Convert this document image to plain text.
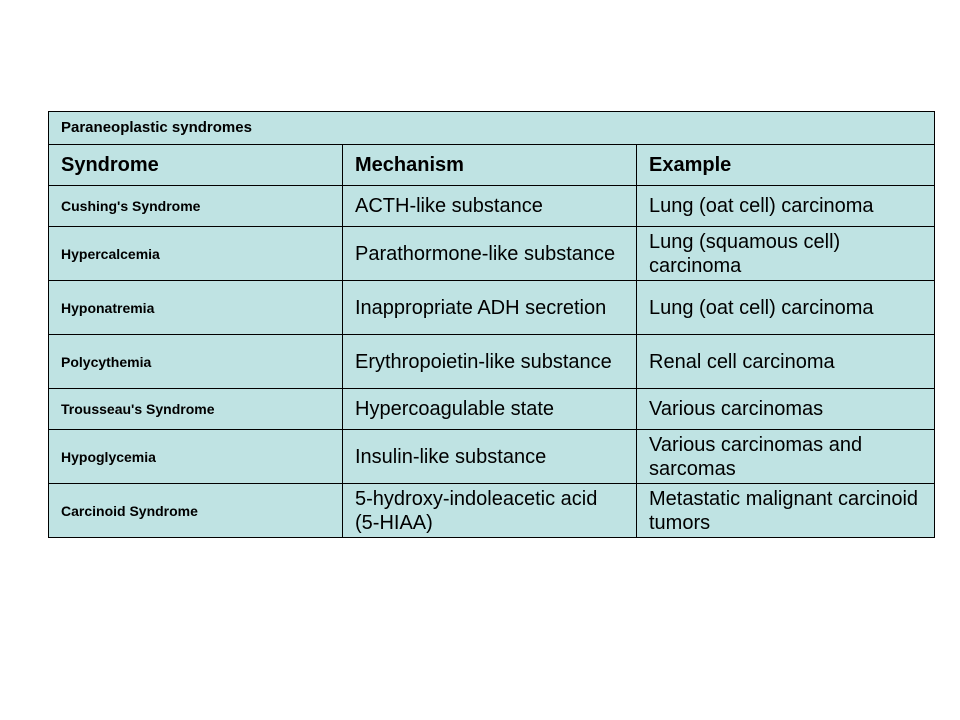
Paraneoplastic syndromes		
Syndrome	Mechanism	Example
Cushing's Syndrome	ACTH-like substance	Lung (oat cell) carcinoma
Hypercalcemia	Parathormone-like substance	Lung (squamous cell) carcinoma
Hyponatremia	Inappropriate ADH secretion	Lung (oat cell) carcinoma
Polycythemia	Erythropoietin-like substance	Renal cell carcinoma
Trousseau's Syndrome	Hypercoagulable state	Various carcinomas
Hypoglycemia	Insulin-like substance	Various carcinomas and sarcomas
Carcinoid Syndrome	5-hydroxy-indoleacetic acid (5-HIAA)	Metastatic malignant carcinoid tumors
